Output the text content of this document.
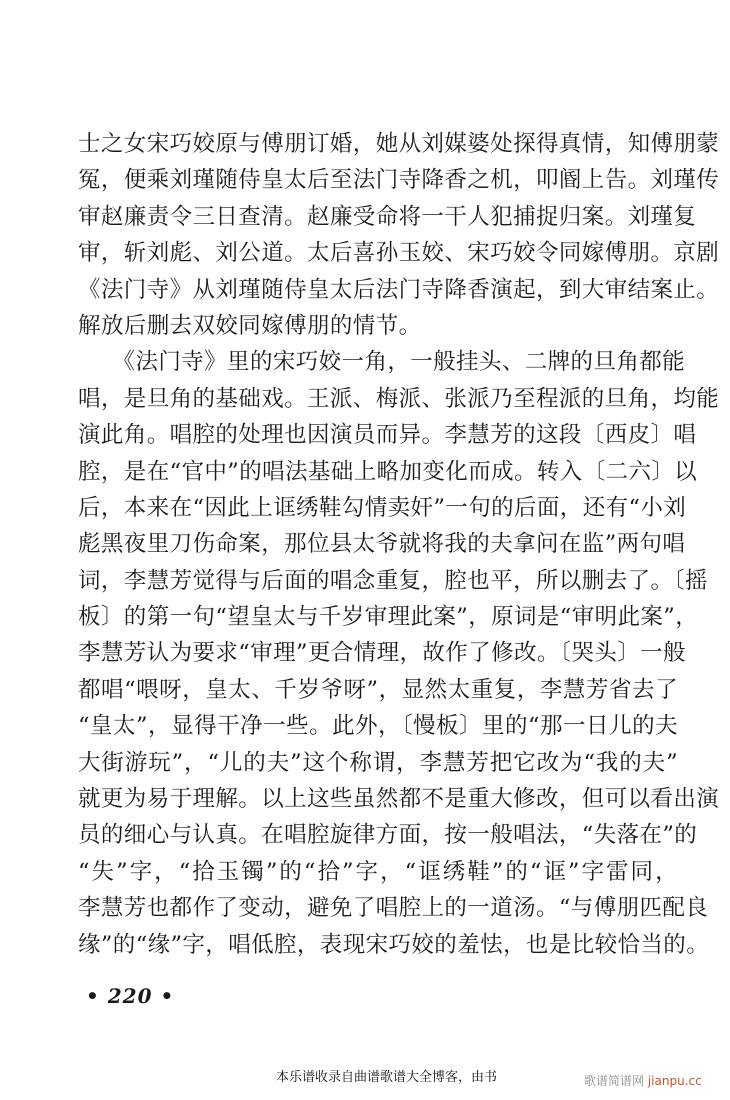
士之女宋巧姣原与傅朋订婚，她从刘媒婆处探得真情，知傅朋蒙
冤，便乘刘瑾随侍皇太后至法门寺降香之机，叩阍上告。刘瑾传
审赵廉责令三日查清。赵廉受命将一干人犯捕捉归案。刘瑾复
审，斩刘彪、刘公道。太后喜孙玉姣、宋巧姣令同嫁傅朋。京剧
《法门寺》从刘瑾随侍皇太后法门寺降香演起，到大审结案止。
解放后删去双姣同嫁傅朋的情节。
　　《法门寺》里的宋巧姣一角，一般挂头、二牌的旦角都能
唱，是旦角的基础戏。王派、梅派、张派乃至程派的旦角，均能
演此角。唱腔的处理也因演员而异。李慧芳的这段〔西皮〕唱
腔，是在“官中”的唱法基础上略加变化而成。转入〔二六〕以
后，本来在“因此上诓绣鞋勾情卖奸”一句的后面，还有“小刘
彪黑夜里刀伤命案，那位县太爷就将我的夫拿问在监”两句唱
词，李慧芳觉得与后面的唱念重复，腔也平，所以删去了。〔摇
板〕的第一句“望皇太与千岁审理此案”，原词是“审明此案”，
李慧芳认为要求“审理”更合情理，故作了修改。〔哭头〕一般
都唱“喂呀，皇太、千岁爷呀”，显然太重复，李慧芳省去了
“皇太”，显得干净一些。此外，〔慢板〕里的“那一日儿的夫
大街游玩”，“儿的夫”这个称谓，李慧芳把它改为“我的夫”
就更为易于理解。以上这些虽然都不是重大修改，但可以看出演
员的细心与认真。在唱腔旋律方面，按一般唱法，“失落在”的
“失”字，“拾玉镯”的“拾”字，“诓绣鞋”的“诓”字雷同，
李慧芳也都作了变动，避免了唱腔上的一道汤。“与傅朋匹配良
缘”的“缘”字，唱低腔，表现宋巧姣的羞怯，也是比较恰当的。
• 220 •
本乐谱收录自曲谱歌谱大全博客，由书	歌谱简谱网 jianpu.cc
